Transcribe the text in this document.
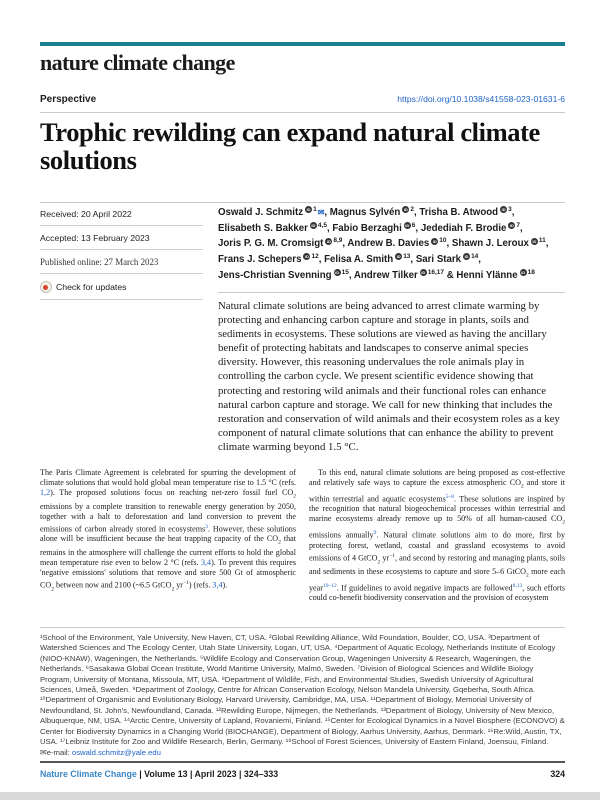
nature climate change
Perspective	https://doi.org/10.1038/s41558-023-01631-6
Trophic rewilding can expand natural climate solutions
Received: 20 April 2022
Accepted: 13 February 2023
Published online: 27 March 2023
Check for updates
Oswald J. Schmitz iD $^1$✉, Magnus Sylvén iD $^2$, Trisha B. Atwood iD $^3$,
Elisabeth S. Bakker iD $^{4,5}$, Fabio Berzaghi iD $^6$, Jedediah F. Brodie iD $^7$,
Joris P. G. M. Cromsigt iD $^{8,9}$, Andrew B. Davies iD $^{10}$, Shawn J. Leroux iD $^{11}$,
Frans J. Schepers iD $^{12}$, Felisa A. Smith iD $^{13}$, Sari Stark iD $^{14}$,
Jens-Christian Svenning iD $^{15}$, Andrew Tilker iD $^{16,17}$ & Henni Ylänne iD $^{18}$
Natural climate solutions are being advanced to arrest climate warming by protecting and enhancing carbon capture and storage in plants, soils and sediments in ecosystems. These solutions are viewed as having the ancillary benefit of protecting habitats and landscapes to conserve animal species diversity. However, this reasoning undervalues the role animals play in controlling the carbon cycle. We present scientific evidence showing that protecting and restoring wild animals and their functional roles can enhance natural carbon capture and storage. We call for new thinking that includes the restoration and conservation of wild animals and their ecosystem roles as a key component of natural climate solutions that can enhance the ability to prevent climate warming beyond 1.5 °C.

The Paris Climate Agreement is celebrated for spurring the development of climate solutions that would hold global mean temperature rise to 1.5 °C (refs. 1,2). The proposed solutions focus on reaching net-zero fossil fuel $CO_2$ emissions by a complete transition to renewable energy generation by 2050, together with a halt to deforestation and land conversion to prevent the emissions of carbon already stored in ecosystems$^3$. However, these solutions alone will be insufficient because the heat trapping capacity of the $CO_2$ that remains in the atmosphere will challenge the current efforts to hold the global mean temperature rise even to below 2 °C (refs. 3,4). To prevent this requires 'negative emissions' solutions that remove and store 500 Gt of atmospheric $CO_2$ between now and 2100 (~6.5 GtCO$_2$ $yr^{-1}$) (refs. 3,4).

To this end, natural climate solutions are being proposed as cost-effective and relatively safe ways to capture the excess atmospheric $CO_2$ and store it within terrestrial and aquatic ecosystems$^{5-8}$. These solutions are inspired by the recognition that natural biogeochemical processes within terrestrial and marine ecosystems already remove up to 50% of all human-caused $CO_2$ emissions annually$^9$. Natural climate solutions aim to do more, first by protecting forest, wetland, coastal and grassland ecosystems to avoid emissions of 4 GtCO$_2$ $yr^{-1}$, and second by restoring and managing plants, soils and sediments in these ecosystems to capture and store 5–6 GtCO$_2$ more each year$^{10-12}$. If guidelines to avoid negative impacts are followed$^{8,13}$, such efforts could co-benefit biodiversity conservation and the provision of ecosystem

¹School of the Environment, Yale University, New Haven, CT, USA. ²Global Rewilding Alliance, Wild Foundation, Boulder, CO, USA. ³Department of Watershed Sciences and The Ecology Center, Utah State University, Logan, UT, USA. ⁴Department of Aquatic Ecology, Netherlands Institute of Ecology (NIOO-KNAW), Wageningen, the Netherlands. ⁵Wildlife Ecology and Conservation Group, Wageningen University & Research, Wageningen, the Netherlands. ⁶Sasakawa Global Ocean Institute, World Maritime University, Malmö, Sweden. ⁷Division of Biological Sciences and Wildlife Biology Program, University of Montana, Missoula, MT, USA. ⁸Department of Wildlife, Fish, and Environmental Studies, Swedish University of Agricultural Sciences, Umeå, Sweden. ⁹Department of Zoology, Centre for African Conservation Ecology, Nelson Mandela University, Gqeberha, South Africa. ¹⁰Department of Organismic and Evolutionary Biology, Harvard University, Cambridge, MA, USA. ¹¹Department of Biology, Memorial University of Newfoundland, St. John's, Newfoundland, Canada. ¹²Rewilding Europe, Nijmegen, the Netherlands. ¹³Department of Biology, University of New Mexico, Albuquerque, NM, USA. ¹⁴Arctic Centre, University of Lapland, Rovaniemi, Finland. ¹⁵Center for Ecological Dynamics in a Novel Biosphere (ECONOVO) & Center for Biodiversity Dynamics in a Changing World (BIOCHANGE), Department of Biology, Aarhus University, Aarhus, Denmark. ¹⁶Re:Wild, Austin, TX, USA. ¹⁷Leibniz Institute for Zoo and Wildlife Research, Berlin, Germany. ¹⁸School of Forest Sciences, University of Eastern Finland, Joensuu, Finland.
✉e-mail: oswald.schmitz@yale.edu
Nature Climate Change | Volume 13 | April 2023 | 324–333	324
